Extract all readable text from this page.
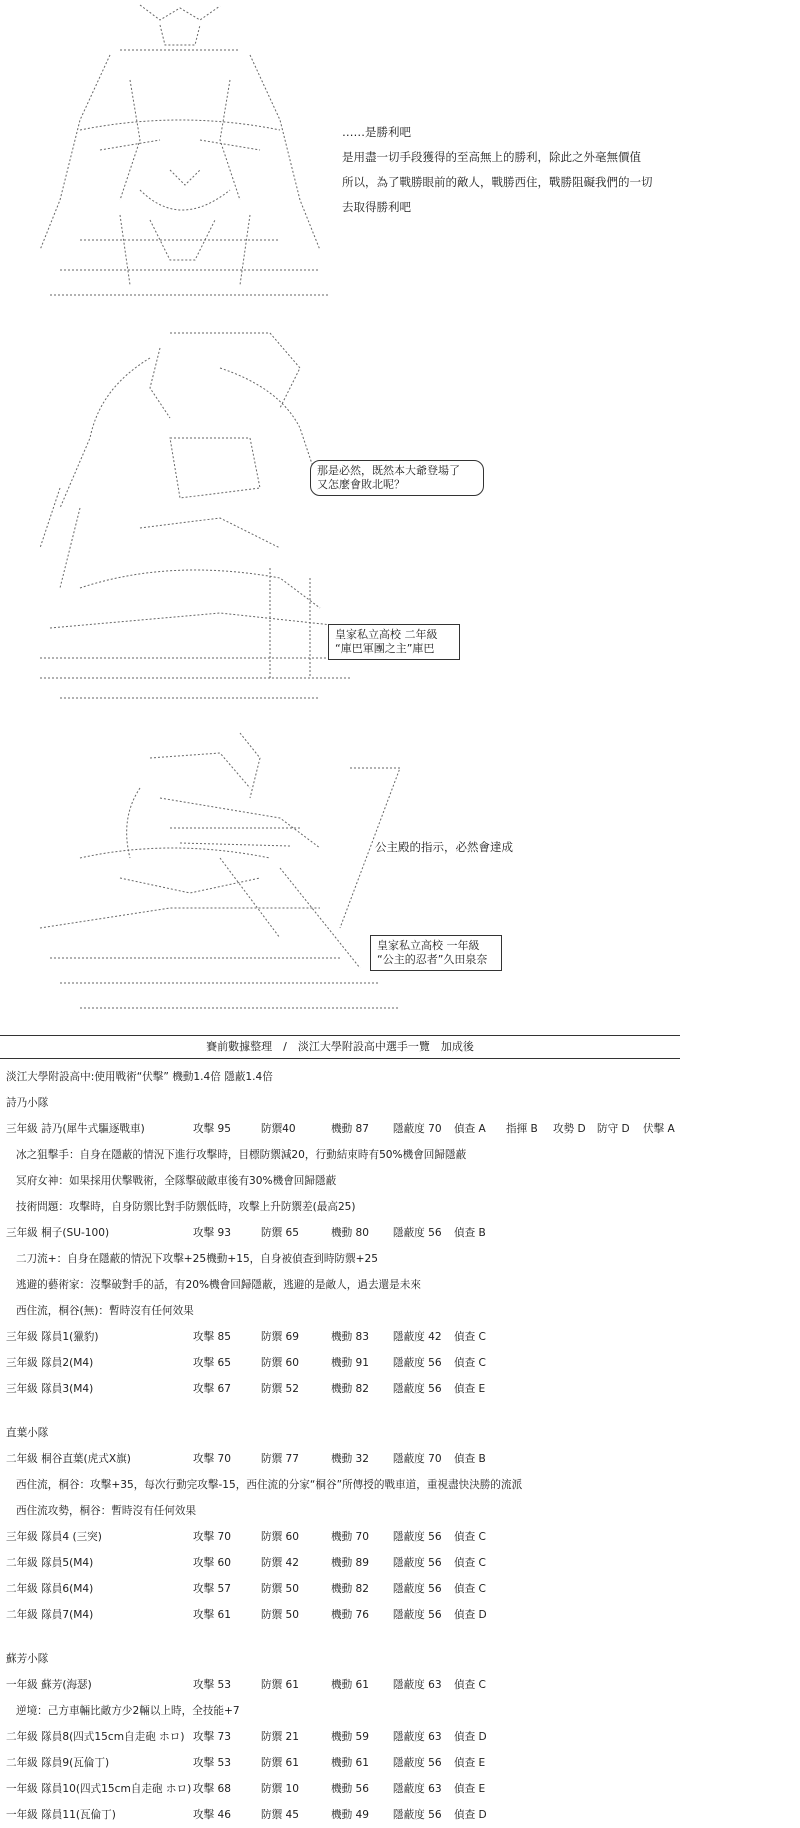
……是勝利吧
是用盡一切手段獲得的至高無上的勝利，除此之外毫無價值
所以，為了戰勝眼前的敵人，戰勝西住，戰勝阻礙我們的一切
去取得勝利吧
那是必然，既然本大爺登場了
又怎麼會敗北呢？
皇家私立高校 二年級
“庫巴軍團之主”庫巴
公主殿的指示，必然會達成
皇家私立高校 一年級
“公主的忍者”久田泉奈
賽前數據整理　/　淡江大學附設高中選手一覽　加成後
淡江大學附設高中:使用戰術“伏擊” 機動1.4倍 隱蔽1.4倍
詩乃小隊
三年級 詩乃(犀牛式驅逐戰車)	攻擊 95	防禦40	機動 87 隱蔽度 70 偵查 A 指揮 B 攻勢 D 防守 D 伏擊 A
冰之狙擊手：自身在隱蔽的情況下進行攻擊時，目標防禦減20，行動結束時有50%機會回歸隱蔽
冥府女神：如果採用伏擊戰術，全隊擊破敵車後有30%機會回歸隱蔽
技術問題：攻擊時，自身防禦比對手防禦低時，攻擊上升防禦差(最高25)
三年級 桐子(SU-100)	攻擊 93	防禦 65	機動 80 隱蔽度 56 偵查 B
二刀流+：自身在隱蔽的情況下攻擊+25機動+15，自身被偵查到時防禦+25
逃避的藝術家：沒擊破對手的話，有20%機會回歸隱蔽，逃避的是敵人，過去還是未來
西住流，桐谷(無)：暫時沒有任何效果
三年級 隊員1(獵豹)	攻擊 85	防禦 69	機動 83 隱蔽度 42 偵查 C
三年級 隊員2(M4)	攻擊 65	防禦 60	機動 91 隱蔽度 56 偵查 C
三年級 隊員3(M4)	攻擊 67	防禦 52	機動 82 隱蔽度 56 偵查 E
直葉小隊
二年級 桐谷直葉(虎式X旗)	攻擊 70	防禦 77	機動 32 隱蔽度 70 偵查 B
西住流，桐谷：攻擊+35，每次行動完攻擊-15，西住流的分家“桐谷”所傳授的戰車道，重視盡快決勝的流派
西住流攻勢，桐谷：暫時沒有任何效果
三年級 隊員4 (三突)	攻擊 70	防禦 60	機動 70 隱蔽度 56 偵查 C
二年級 隊員5(M4)	攻擊 60	防禦 42	機動 89 隱蔽度 56 偵查 C
二年級 隊員6(M4)	攻擊 57	防禦 50	機動 82 隱蔽度 56 偵查 C
二年級 隊員7(M4)	攻擊 61	防禦 50	機動 76 隱蔽度 56 偵查 D
蘇芳小隊
一年級 蘇芳(海瑟)	攻擊 53	防禦 61	機動 61 隱蔽度 63 偵查 C
逆境：己方車輛比敵方少2輛以上時，全技能+7
二年級 隊員8(四式15cm自走砲 ホロ) 攻擊 73	防禦 21	機動 59 隱蔽度 63 偵查 D
二年級 隊員9(瓦倫丁)	攻擊 53	防禦 61	機動 61 隱蔽度 56 偵查 E
一年級 隊員10(四式15cm自走砲 ホロ) 攻擊 68	防禦 10	機動 56 隱蔽度 63 偵查 E
一年級 隊員11(瓦倫丁)	攻擊 46	防禦 45	機動 49 隱蔽度 56 偵查 D
